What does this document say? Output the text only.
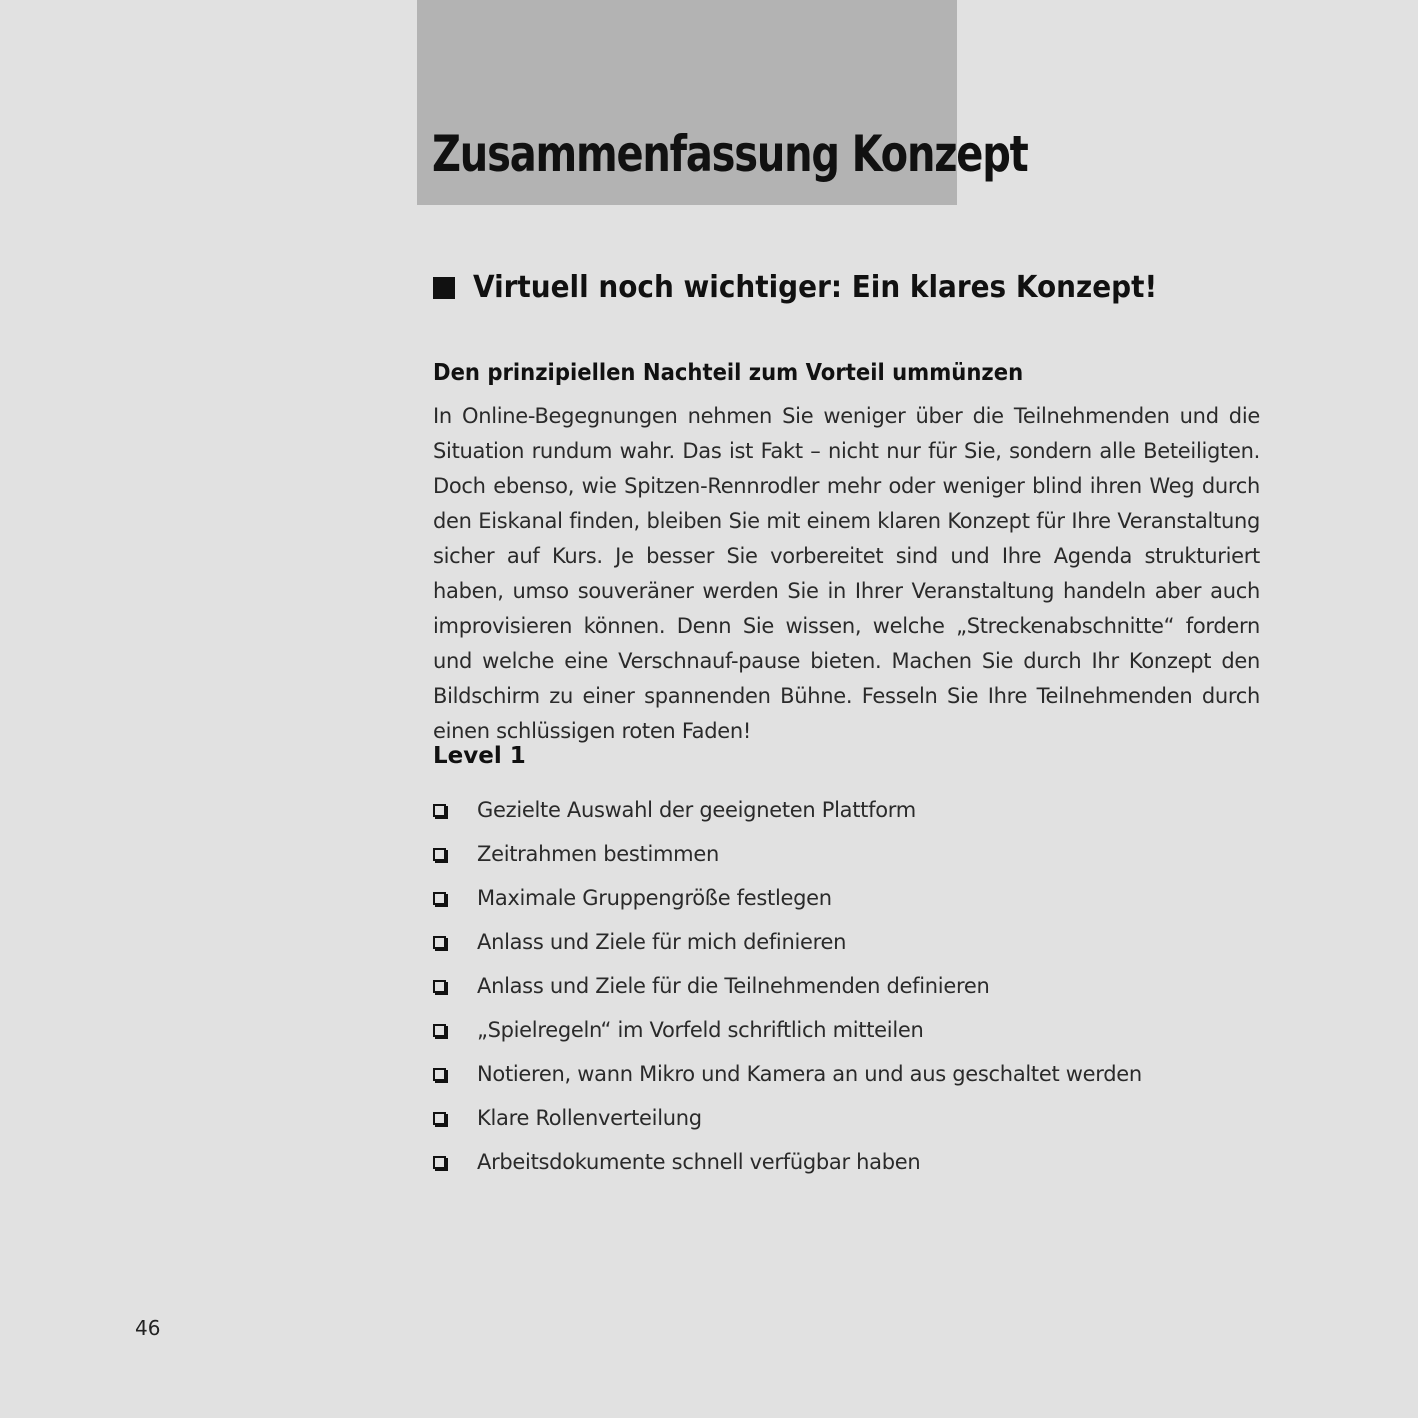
Zusammenfassung Konzept
Virtuell noch wichtiger: Ein klares Konzept!
Den prinzipiellen Nachteil zum Vorteil ummünzen
In Online-Begegnungen nehmen Sie weniger über die Teilnehmenden und die Situation rundum wahr. Das ist Fakt – nicht nur für Sie, sondern alle Beteiligten. Doch ebenso, wie Spitzen-Rennrodler mehr oder weniger blind ihren Weg durch den Eiskanal finden, bleiben Sie mit einem klaren Konzept für Ihre Veranstaltung sicher auf Kurs. Je besser Sie vorbereitet sind und Ihre Agenda strukturiert haben, umso souveräner werden Sie in Ihrer Veranstaltung handeln aber auch improvisieren können. Denn Sie wissen, welche „Streckenabschnitte“ fordern und welche eine Verschnauf-pause bieten. Machen Sie durch Ihr Konzept den Bildschirm zu einer spannenden Bühne. Fesseln Sie Ihre Teilnehmenden durch einen schlüssigen roten Faden!
Level 1
Gezielte Auswahl der geeigneten Plattform
Zeitrahmen bestimmen
Maximale Gruppengröße festlegen
Anlass und Ziele für mich definieren
Anlass und Ziele für die Teilnehmenden definieren
„Spielregeln“ im Vorfeld schriftlich mitteilen
Notieren, wann Mikro und Kamera an und aus geschaltet werden
Klare Rollenverteilung
Arbeitsdokumente schnell verfügbar haben
46
